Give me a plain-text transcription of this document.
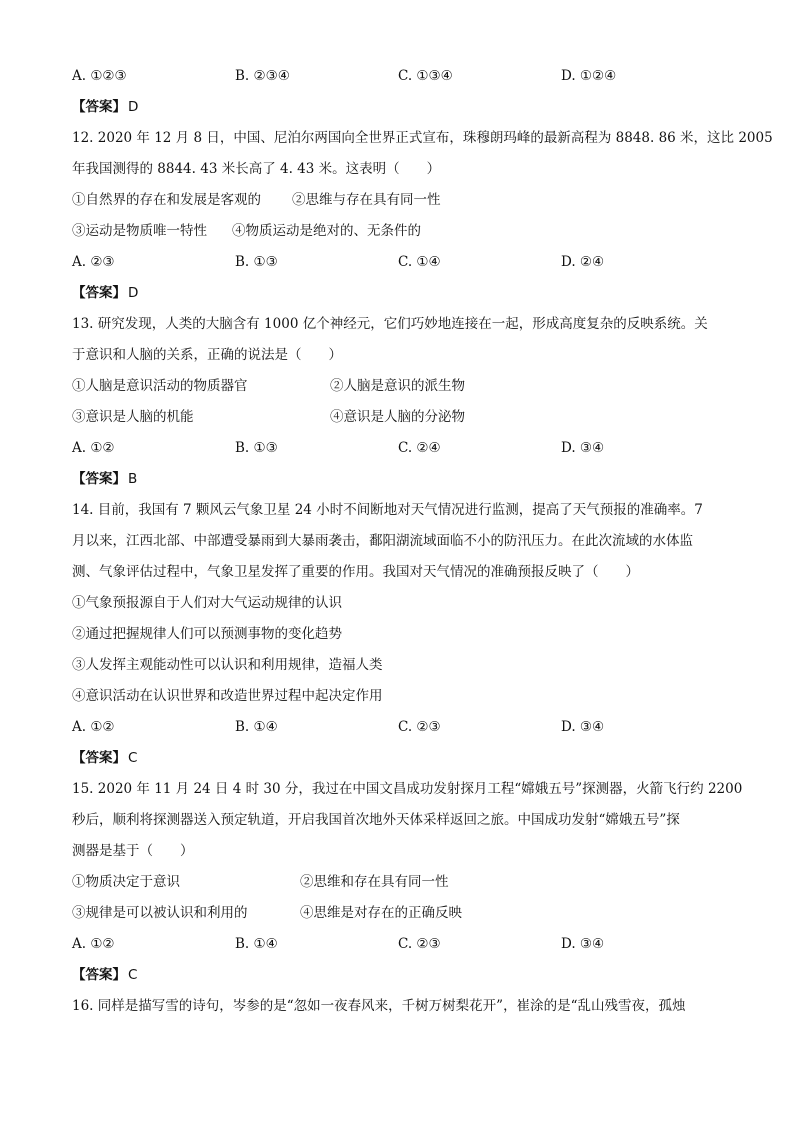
A. ①②③	B. ②③④	C. ①③④	D. ①②④
【答案】 D
12. 2020 年 12 月 8 日，中国、尼泊尔两国向全世界正式宣布，珠穆朗玛峰的最新高程为 8848. 86 米，这比 2005
年我国测得的 8844. 43 米长高了 4. 43 米。这表明（　　）
①自然界的存在和发展是客观的	②思维与存在具有同一性
③运动是物质唯一特性	④物质运动是绝对的、无条件的
A. ②③	B. ①③	C. ①④	D. ②④
【答案】 D
13. 研究发现，人类的大脑含有 1000 亿个神经元，它们巧妙地连接在一起，形成高度复杂的反映系统。关
于意识和人脑的关系，正确的说法是（　　）
①人脑是意识活动的物质器官	②人脑是意识的派生物
③意识是人脑的机能	④意识是人脑的分泌物
A. ①②	B. ①③	C. ②④	D. ③④
【答案】 B
14. 目前，我国有 7 颗风云气象卫星 24 小时不间断地对天气情况进行监测，提高了天气预报的准确率。7
月以来，江西北部、中部遭受暴雨到大暴雨袭击，鄱阳湖流域面临不小的防汛压力。在此次流域的水体监
测、气象评估过程中，气象卫星发挥了重要的作用。我国对天气情况的准确预报反映了（　　）
①气象预报源自于人们对大气运动规律的认识
②通过把握规律人们可以预测事物的变化趋势
③人发挥主观能动性可以认识和利用规律，造福人类
④意识活动在认识世界和改造世界过程中起决定作用
A. ①②	B. ①④	C. ②③	D. ③④
【答案】 C
15. 2020 年 11 月 24 日 4 时 30 分，我过在中国文昌成功发射探月工程“嫦娥五号”探测器，火箭飞行约 2200
秒后，顺利将探测器送入预定轨道，开启我国首次地外天体采样返回之旅。中国成功发射“嫦娥五号”探
测器是基于（　　）
①物质决定于意识	②思维和存在具有同一性
③规律是可以被认识和利用的	④思维是对存在的正确反映
A. ①②	B. ①④	C. ②③	D. ③④
【答案】 C
16. 同样是描写雪的诗句，岑参的是“忽如一夜春风来，千树万树梨花开”，崔涂的是“乱山残雪夜，孤烛
